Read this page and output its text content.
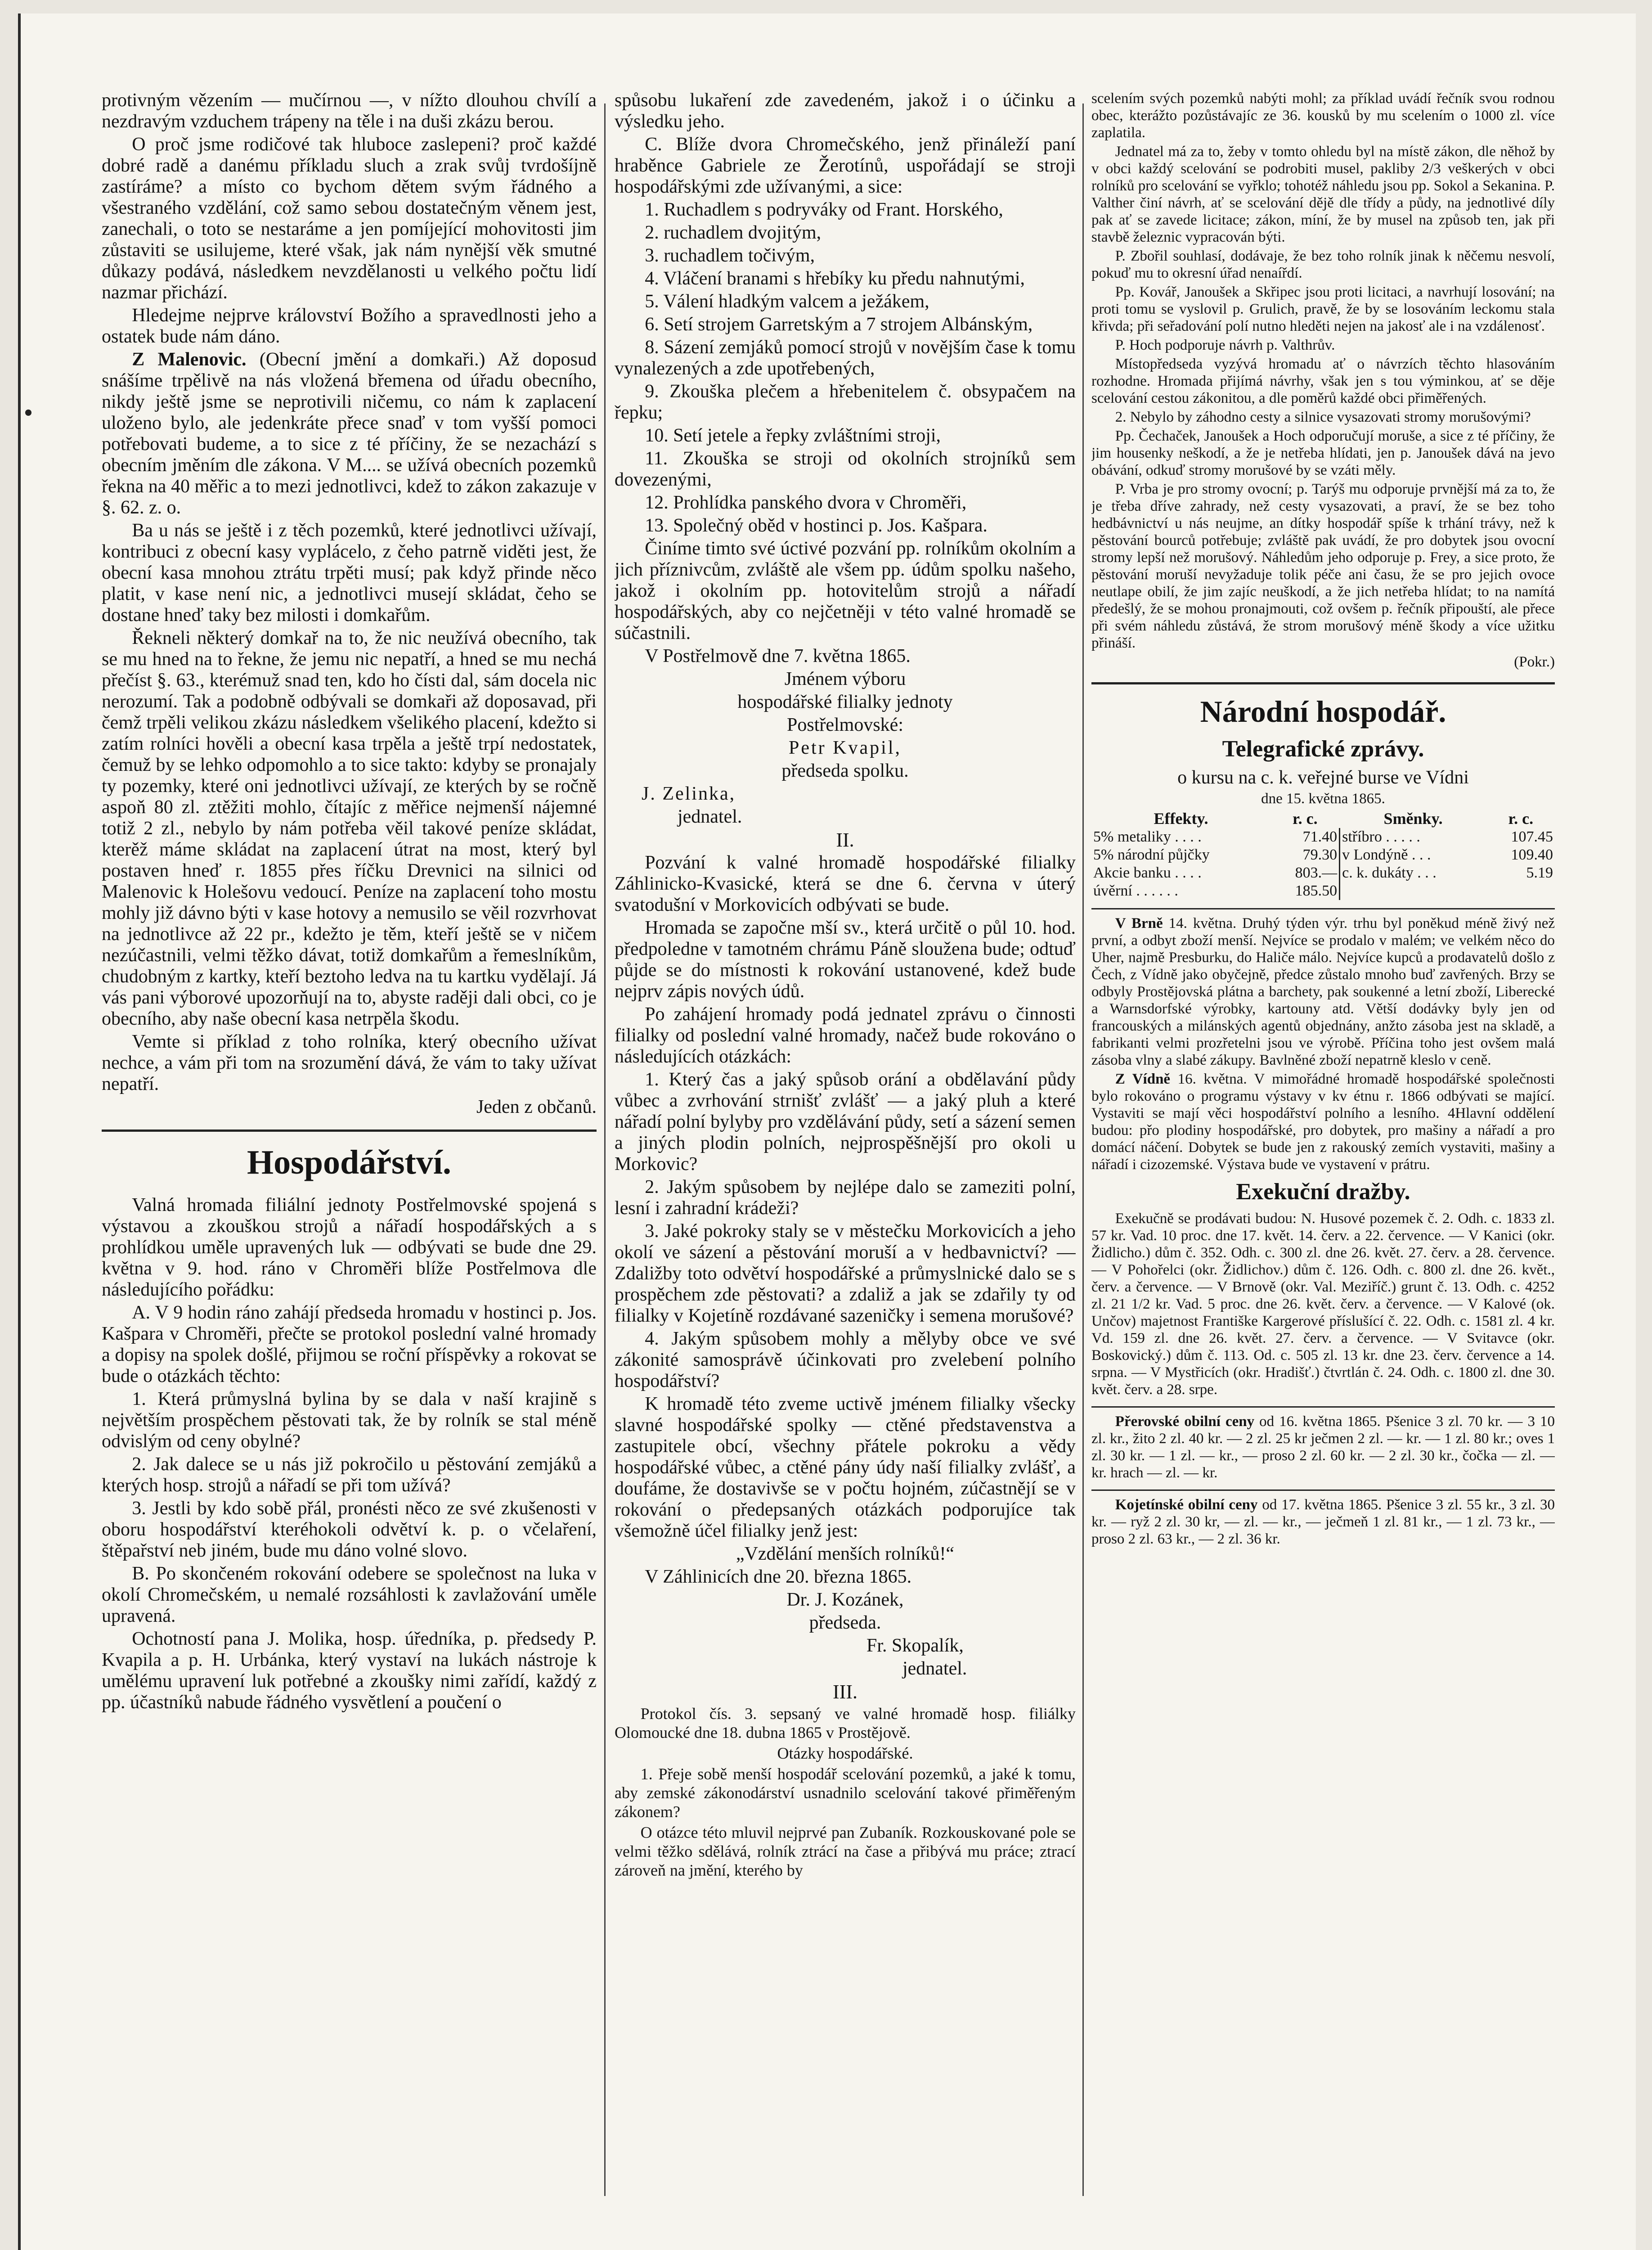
protivným vězením — mučírnou —, v nížto dlouhou chvílí a nezdravým vzduchem trápeny na těle i na duši zkázu berou.

O proč jsme rodičové tak hluboce zaslepeni? proč každé dobré radě a danému příkladu sluch a zrak svůj tvrdošíjně zastíráme? a místo co bychom dětem svým řádného a všestraného vzdělání, což samo sebou dostatečným věnem jest, zanechali, o toto se nestaráme a jen pomíjející mohovitosti jim zůstaviti se usilujeme, které však, jak nám nynější věk smutné důkazy podává, následkem nevzdělanosti u velkého počtu lidí nazmar přichází.

Hledejme nejprve království Božího a spravedlnosti jeho a ostatek bude nám dáno.

Z Malenovic. (Obecní jmění a domkaři.) Až doposud snášíme trpělivě na nás vložená břemena od úřadu obecního, nikdy ještě jsme se neprotivili ničemu, co nám k zaplacení uloženo bylo, ale jedenkráte přece snaď v tom vyšší pomoci potřebovati budeme, a to sice z té příčiny, že se nezachází s obecním jměním dle zákona. V M.... se užívá obecních pozemků řekna na 40 měřic a to mezi jednotlivci, kdež to zákon zakazuje v §. 62. z. o.

Ba u nás se ještě i z těch pozemků, které jednotlivci užívají, kontribuci z obecní kasy vyplácelo, z čeho patrně viděti jest, že obecní kasa mnohou ztrátu trpěti musí; pak když přinde něco platit, v kase není nic, a jednotlivci musejí skládat, čeho se dostane hneď taky bez milosti i domkařům.

Řekneli některý domkař na to, že nic neužívá obecního, tak se mu hned na to řekne, že jemu nic nepatří, a hned se mu nechá přečíst §. 63., kterémuž snad ten, kdo ho čísti dal, sám docela nic nerozumí. Tak a podobně odbývali se domkaři až doposavad, při čemž trpěli velikou zkázu následkem všelikého placení, kdežto si zatím rolníci hověli a obecní kasa trpěla a ještě trpí nedostatek, čemuž by se lehko odpomohlo a to sice takto: kdyby se pronajaly ty pozemky, které oni jednotlivci užívají, ze kterých by se ročně aspoň 80 zl. ztěžiti mohlo, čítajíc z měřice nejmenší nájemné totiž 2 zl., nebylo by nám potřeba věil takové peníze skládat, kterěž máme skládat na zaplacení útrat na most, který byl postaven hneď r. 1855 přes říčku Drevnici na silnici od Malenovic k Holešovu vedoucí. Peníze na zaplacení toho mostu mohly již dávno býti v kase hotovy a nemusilo se věil rozvrhovat na jednotlivce až 22 pr., kdežto je těm, kteří ještě se v ničem nezúčastnili, velmi těžko dávat, totiž domkařům a řemeslníkům, chudobným z kartky, kteří beztoho ledva na tu kartku vydělají. Já vás pani výborové upozorňují na to, abyste raději dali obci, co je obecního, aby naše obecní kasa netrpěla škodu.

Vemte si příklad z toho rolníka, který obecního užívat nechce, a vám při tom na srozumění dává, že vám to taky užívat nepatří.

Jeden z občanů.

Hospodářství.

Valná hromada filiální jednoty Postřelmovské spojená s výstavou a zkouškou strojů a nářadí hospodářských a s prohlídkou uměle upravených luk — odbývati se bude dne 29. května v 9. hod. ráno v Chroměři blíže Postřelmova dle následujícího pořádku:

A. V 9 hodin ráno zahájí předseda hromadu v hostinci p. Jos. Kašpara v Chroměři, přečte se protokol poslední valné hromady a dopisy na spolek došlé, přijmou se roční příspěvky a rokovat se bude o otázkách těchto:

1. Která průmyslná bylina by se dala v naší krajině s největším prospěchem pěstovati tak, že by rolník se stal méně odvislým od ceny obylné?

2. Jak dalece se u nás již pokročilo u pěstování zemjáků a kterých hosp. strojů a nářadí se při tom užívá?

3. Jestli by kdo sobě přál, pronésti něco ze své zkušenosti v oboru hospodářství kteréhokoli odvětví k. p. o včelaření, štěpařství neb jiném, bude mu dáno volné slovo.

B. Po skončeném rokování odebere se společnost na luka v okolí Chromečském, u nemalé rozsáhlosti k zavlažování uměle upravená.

Ochotností pana J. Molika, hosp. úředníka, p. předsedy P. Kvapila a p. H. Urbánka, který vystaví na lukách nástroje k umělému upravení luk potřebné a zkoušky nimi zařídí, každý z pp. účastníků nabude řádného vysvětlení a poučení o

spůsobu lukaření zde zavedeném, jakož i o účinku a výsledku jeho.

C. Blíže dvora Chromečského, jenž přináleží paní hraběnce Gabriele ze Žerotínů, uspořádají se stroji hospodářskými zde užívanými, a sice:

1. Ruchadlem s podryváky od Frant. Horského,

2. ruchadlem dvojitým,

3. ruchadlem točivým,

4. Vláčení branami s hřebíky ku předu nahnutými,

5. Válení hladkým valcem a ježákem,

6. Setí strojem Garretským a 7 strojem Albánským,

8. Sázení zemjáků pomocí strojů v novějším čase k tomu vynalezených a zde upotřebených,

9. Zkouška plečem a hřebenitelem č. obsypačem na řepku;

10. Setí jetele a řepky zvláštními stroji,

11. Zkouška se stroji od okolních strojníků sem dovezenými,

12. Prohlídka panského dvora v Chroměři,

13. Společný oběd v hostinci p. Jos. Kašpara.

Činíme timto své úctivé pozvání pp. rolníkům okolním a jich příznivcům, zvláště ale všem pp. údům spolku našeho, jakož i okolním pp. hotovitelům strojů a nářadí hospodářských, aby co nejčetněji v této valné hromadě se súčastnili.

V Postřelmově dne 7. května 1865.

Jménem výboru

hospodářské filialky jednoty

Postřelmovské:

Petr Kvapil,

předseda spolku.

J. Zelinka,

jednatel.

II.

Pozvání k valné hromadě hospodářské filialky Záhlinicko-Kvasické, která se dne 6. června v úterý svatodušní v Morkovicích odbývati se bude.

Hromada se započne mší sv., která určitě o půl 10. hod. předpoledne v tamotném chrámu Páně sloužena bude; odtuď půjde se do místnosti k rokování ustanovené, kdež bude nejprv zápis nových údů.

Po zahájení hromady podá jednatel zprávu o činnosti filialky od poslední valné hromady, načež bude rokováno o následujících otázkách:

1. Který čas a jaký spůsob orání a obdělavání půdy vůbec a zvrhování strnišť zvlášť — a jaký pluh a které nářadí polní bylyby pro vzdělávání půdy, setí a sázení semen a jiných plodin polních, nejprospěšnější pro okoli u Morkovic?

2. Jakým spůsobem by nejlépe dalo se zameziti polní, lesní i zahradní krádeži?

3. Jaké pokroky staly se v městečku Morkovicích a jeho okolí ve sázení a pěstování moruší a v hedbavnictví? — Zdaližby toto odvětví hospodářské a průmyslnické dalo se s prospěchem zde pěstovati? a zdaliž a jak se zdařily ty od filialky v Kojetíně rozdávané sazeničky i semena morušové?

4. Jakým spůsobem mohly a mělyby obce ve své zákonité samosprávě účinkovati pro zvelebení polního hospodářství?

K hromadě této zveme uctivě jménem filialky všecky slavné hospodářské spolky — ctěné představenstva a zastupitele obcí, všechny přátele pokroku a vědy hospodářské vůbec, a ctěné pány údy naší filialky zvlášť, a doufáme, že dostavivše se v počtu hojném, zúčastnějí se v rokování o předepsaných otázkách podporujíce tak všemožně účel filialky jenž jest:

„Vzdělání menších rolníků!“

V Záhlinicích dne 20. března 1865.

Dr. J. Kozánek,

předseda.

Fr. Skopalík,

jednatel.

III.

Protokol čís. 3. sepsaný ve valné hromadě hosp. filiálky Olomoucké dne 18. dubna 1865 v Prostějově.

Otázky hospodářské.

1. Přeje sobě menší hospodář scelování pozemků, a jaké k tomu, aby zemské zákonodárství usnadnilo scelování takové přiměřeným zákonem?

O otázce této mluvil nejprvé pan Zubaník. Rozkouskované pole se velmi těžko sdělává, rolník ztrácí na čase a přibývá mu práce; ztrací zároveň na jmění, kterého by

scelením svých pozemků nabýti mohl; za příklad uvádí řečník svou rodnou obec, kterážto pozůstávajíc ze 36. kousků by mu scelením o 1000 zl. více zaplatila.

Jednatel má za to, žeby v tomto ohledu byl na místě zákon, dle něhož by v obci každý scelování se podrobiti musel, pakliby 2/3 veškerých v obci rolníků pro scelování se vyřklo; tohotéž náhledu jsou pp. Sokol a Sekanina. P. Valther činí návrh, ať se scelování dějě dle třídy a půdy, na jednotlivé díly pak ať se zavede licitace; zákon, míní, že by musel na způsob ten, jak při stavbě železnic vypracován býti.

P. Zbořil souhlasí, dodávaje, že bez toho rolník jinak k něčemu nesvolí, pokuď mu to okresní úřad nenaířdí.

Pp. Kovář, Janoušek a Skřipec jsou proti licitaci, a navrhují losování; na proti tomu se vyslovil p. Grulich, pravě, že by se losováním leckomu stala křivda; při seřadování polí nutno hleděti nejen na jakosť ale i na vzdálenosť.

P. Hoch podporuje návrh p. Valthrův.

Místopředseda vyzývá hromadu ať o návrzích těchto hlasováním rozhodne. Hromada přijímá návrhy, však jen s tou výminkou, ať se děje scelování cestou zákonitou, a dle poměrů každé obci přiměřených.

2. Nebylo by záhodno cesty a silnice vysazovati stromy morušovými?

Pp. Čechaček, Janoušek a Hoch odporučují moruše, a sice z té příčiny, že jim housenky neškodí, a že je netřeba hlídati, jen p. Janoušek dává na jevo obávání, odkuď stromy morušové by se vzáti měly.

P. Vrba je pro stromy ovocní; p. Tarýš mu odporuje prvnější má za to, že je třeba dříve zahrady, než cesty vysazovati, a praví, že se bez toho hedbávnictví u nás neujme, an dítky hospodář spíše k trhání trávy, než k pěstování bourců potřebuje; zvláště pak uvádí, že pro dobytek jsou ovocní stromy lepší než morušový. Náhledům jeho odporuje p. Frey, a sice proto, že pěstování moruší nevyžaduje tolik péče ani času, že se pro jejich ovoce neutlape obilí, že jim zajíc neuškodí, a že jich netřeba hlídat; to na namítá předešlý, že se mohou pronajmouti, což ovšem p. řečník připouští, ale přece při svém náhledu zůstává, že strom morušový méně škody a více užitku přináší.

(Pokr.)

Národní hospodář.
Telegrafické zprávy.

o kursu na c. k. veřejné burse ve Vídni

dne 15. května 1865.

Effekty.	r. c.	Směnky.	r. c.
5% metaliky . . . .	71.40	stříbro . . . . .	107.45
5% národní půjčky	79.30	v Londýně . . .	109.40
Akcie banku . . . .	803.—	c. k. dukáty . . .	5.19
úvěrní . . . . . .	185.50		

V Brně 14. května. Druhý týden výr. trhu byl poněkud méně živý než první, a odbyt zboží menší. Nejvíce se prodalo v malém; ve velkém něco do Uher, najmě Presburku, do Haliče málo. Nejvíce kupců a prodavatelů došlo z Čech, z Vídně jako obyčejně, předce zůstalo mnoho buď zavřených. Brzy se odbyly Prostějovská plátna a barchety, pak soukenné a letní zboží, Liberecké a Warnsdorfské výrobky, kartouny atd. Větší dodávky byly jen od francouských a milánských agentů objednány, anžto zásoba jest na skladě, a fabrikanti velmi prozřetelni jsou ve výrobě. Příčina toho jest ovšem malá zásoba vlny a slabé zákupy. Bavlněné zboží nepatrně kleslo v ceně.

Z Vídně 16. května. V mimořádné hromadě hospodářské společnosti bylo rokováno o programu výstavy v kv étnu r. 1866 odbývati se mající. Vystaviti se mají věci hospodářství polního a lesního. 4Hlavní oddělení budou: přo plodiny hospodářské, pro dobytek, pro mašiny a nářadí a pro domácí náčení. Dobytek se bude jen z rakouský zemích vystaviti, mašiny a nářadí i cizozemské. Výstava bude ve vystavení v prátru.

Exekuční dražby.

Exekučně se prodávati budou: N. Husové pozemek č. 2. Odh. c. 1833 zl. 57 kr. Vad. 10 proc. dne 17. květ. 14. červ. a 22. července. — V Kanici (okr. Židlicho.) dům č. 352. Odh. c. 300 zl. dne 26. květ. 27. červ. a 28. července. — V Pohořelci (okr. Židlichov.) dům č. 126. Odh. c. 800 zl. dne 26. květ., červ. a července. — V Brnově (okr. Val. Meziříč.) grunt č. 13. Odh. c. 4252 zl. 21 1/2 kr. Vad. 5 proc. dne 26. květ. červ. a července. — V Kalové (ok. Unčov) majetnost Františke Kargerové příslušící č. 22. Odh. c. 1581 zl. 4 kr. Vd. 159 zl. dne 26. květ. 27. červ. a července. — V Svitavce (okr. Boskovický.) dům č. 113. Od. c. 505 zl. 13 kr. dne 23. červ. července a 14. srpna. — V Mystřicích (okr. Hradišť.) čtvrtlán č. 24. Odh. c. 1800 zl. dne 30. květ. červ. a 28. srpe.

Přerovské obilní ceny od 16. května 1865. Pšenice 3 zl. 70 kr. — 3 10 zl. kr., žito 2 zl. 40 kr. — 2 zl. 25 kr ječmen 2 zl. — kr. — 1 zl. 80 kr.; oves 1 zl. 30 kr. — 1 zl. — kr., — proso 2 zl. 60 kr. — 2 zl. 30 kr., čočka — zl. — kr. hrach — zl. — kr.

Kojetínské obilní ceny od 17. května 1865. Pšenice 3 zl. 55 kr., 3 zl. 30 kr. — ryž 2 zl. 30 kr, — zl. — kr., — ječmeň 1 zl. 81 kr., — 1 zl. 73 kr., — proso 2 zl. 63 kr., — 2 zl. 36 kr.
